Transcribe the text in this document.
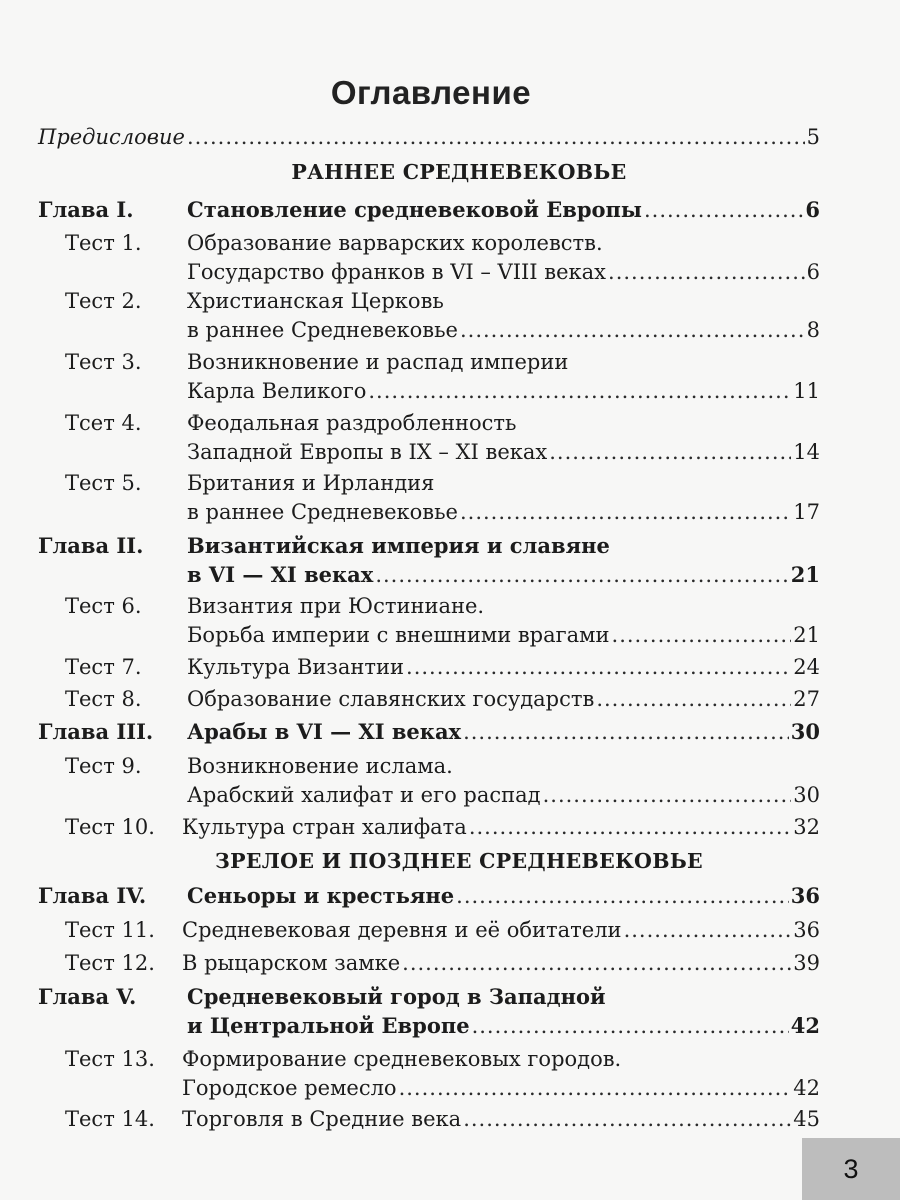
Оглавление
Предисловие .....	5
РАННЕЕ СРЕДНЕВЕКОВЬЕ
Глава I.	Становление средневековой Европы .....	6
Тест 1. Образование варварских королевств.
Государство франков в VI – VIII веках .....	6
Тест 2. Христианская Церковь
в раннее Средневековье .....	8
Тест 3. Возникновение и распад империи
Карла Великого .....	11
Тсет 4. Феодальная раздробленность
Западной Европы в IX – XI веках .....	14
Тест 5. Британия и Ирландия
в раннее Средневековье .....	17
Глава II. Византийская империя и славяне
в VI — XI веках .....	21
Тест 6. Византия при Юстиниане.
Борьба империи с внешними врагами .....	21
Тест 7. Культура Византии .....	24
Тест 8. Образование славянских государств .....	27
Глава III. Арабы в VI — XI веках .....	30
Тест 9. Возникновение ислама.
Арабский халифат и его распад .....	30
Тест 10. Культура стран халифата .....	32
ЗРЕЛОЕ И ПОЗДНЕЕ СРЕДНЕВЕКОВЬЕ
Глава IV. Сеньоры и крестьяне .....	36
Тест 11. Средневековая деревня и её обитатели .....	36
Тест 12. В рыцарском замке .....	39
Глава V. Средневековый город в Западной
и Центральной Европе .....	42
Тест 13. Формирование средневековых городов.
Городское ремесло .....	42
Тест 14. Торговля в Средние века .....	45
3
